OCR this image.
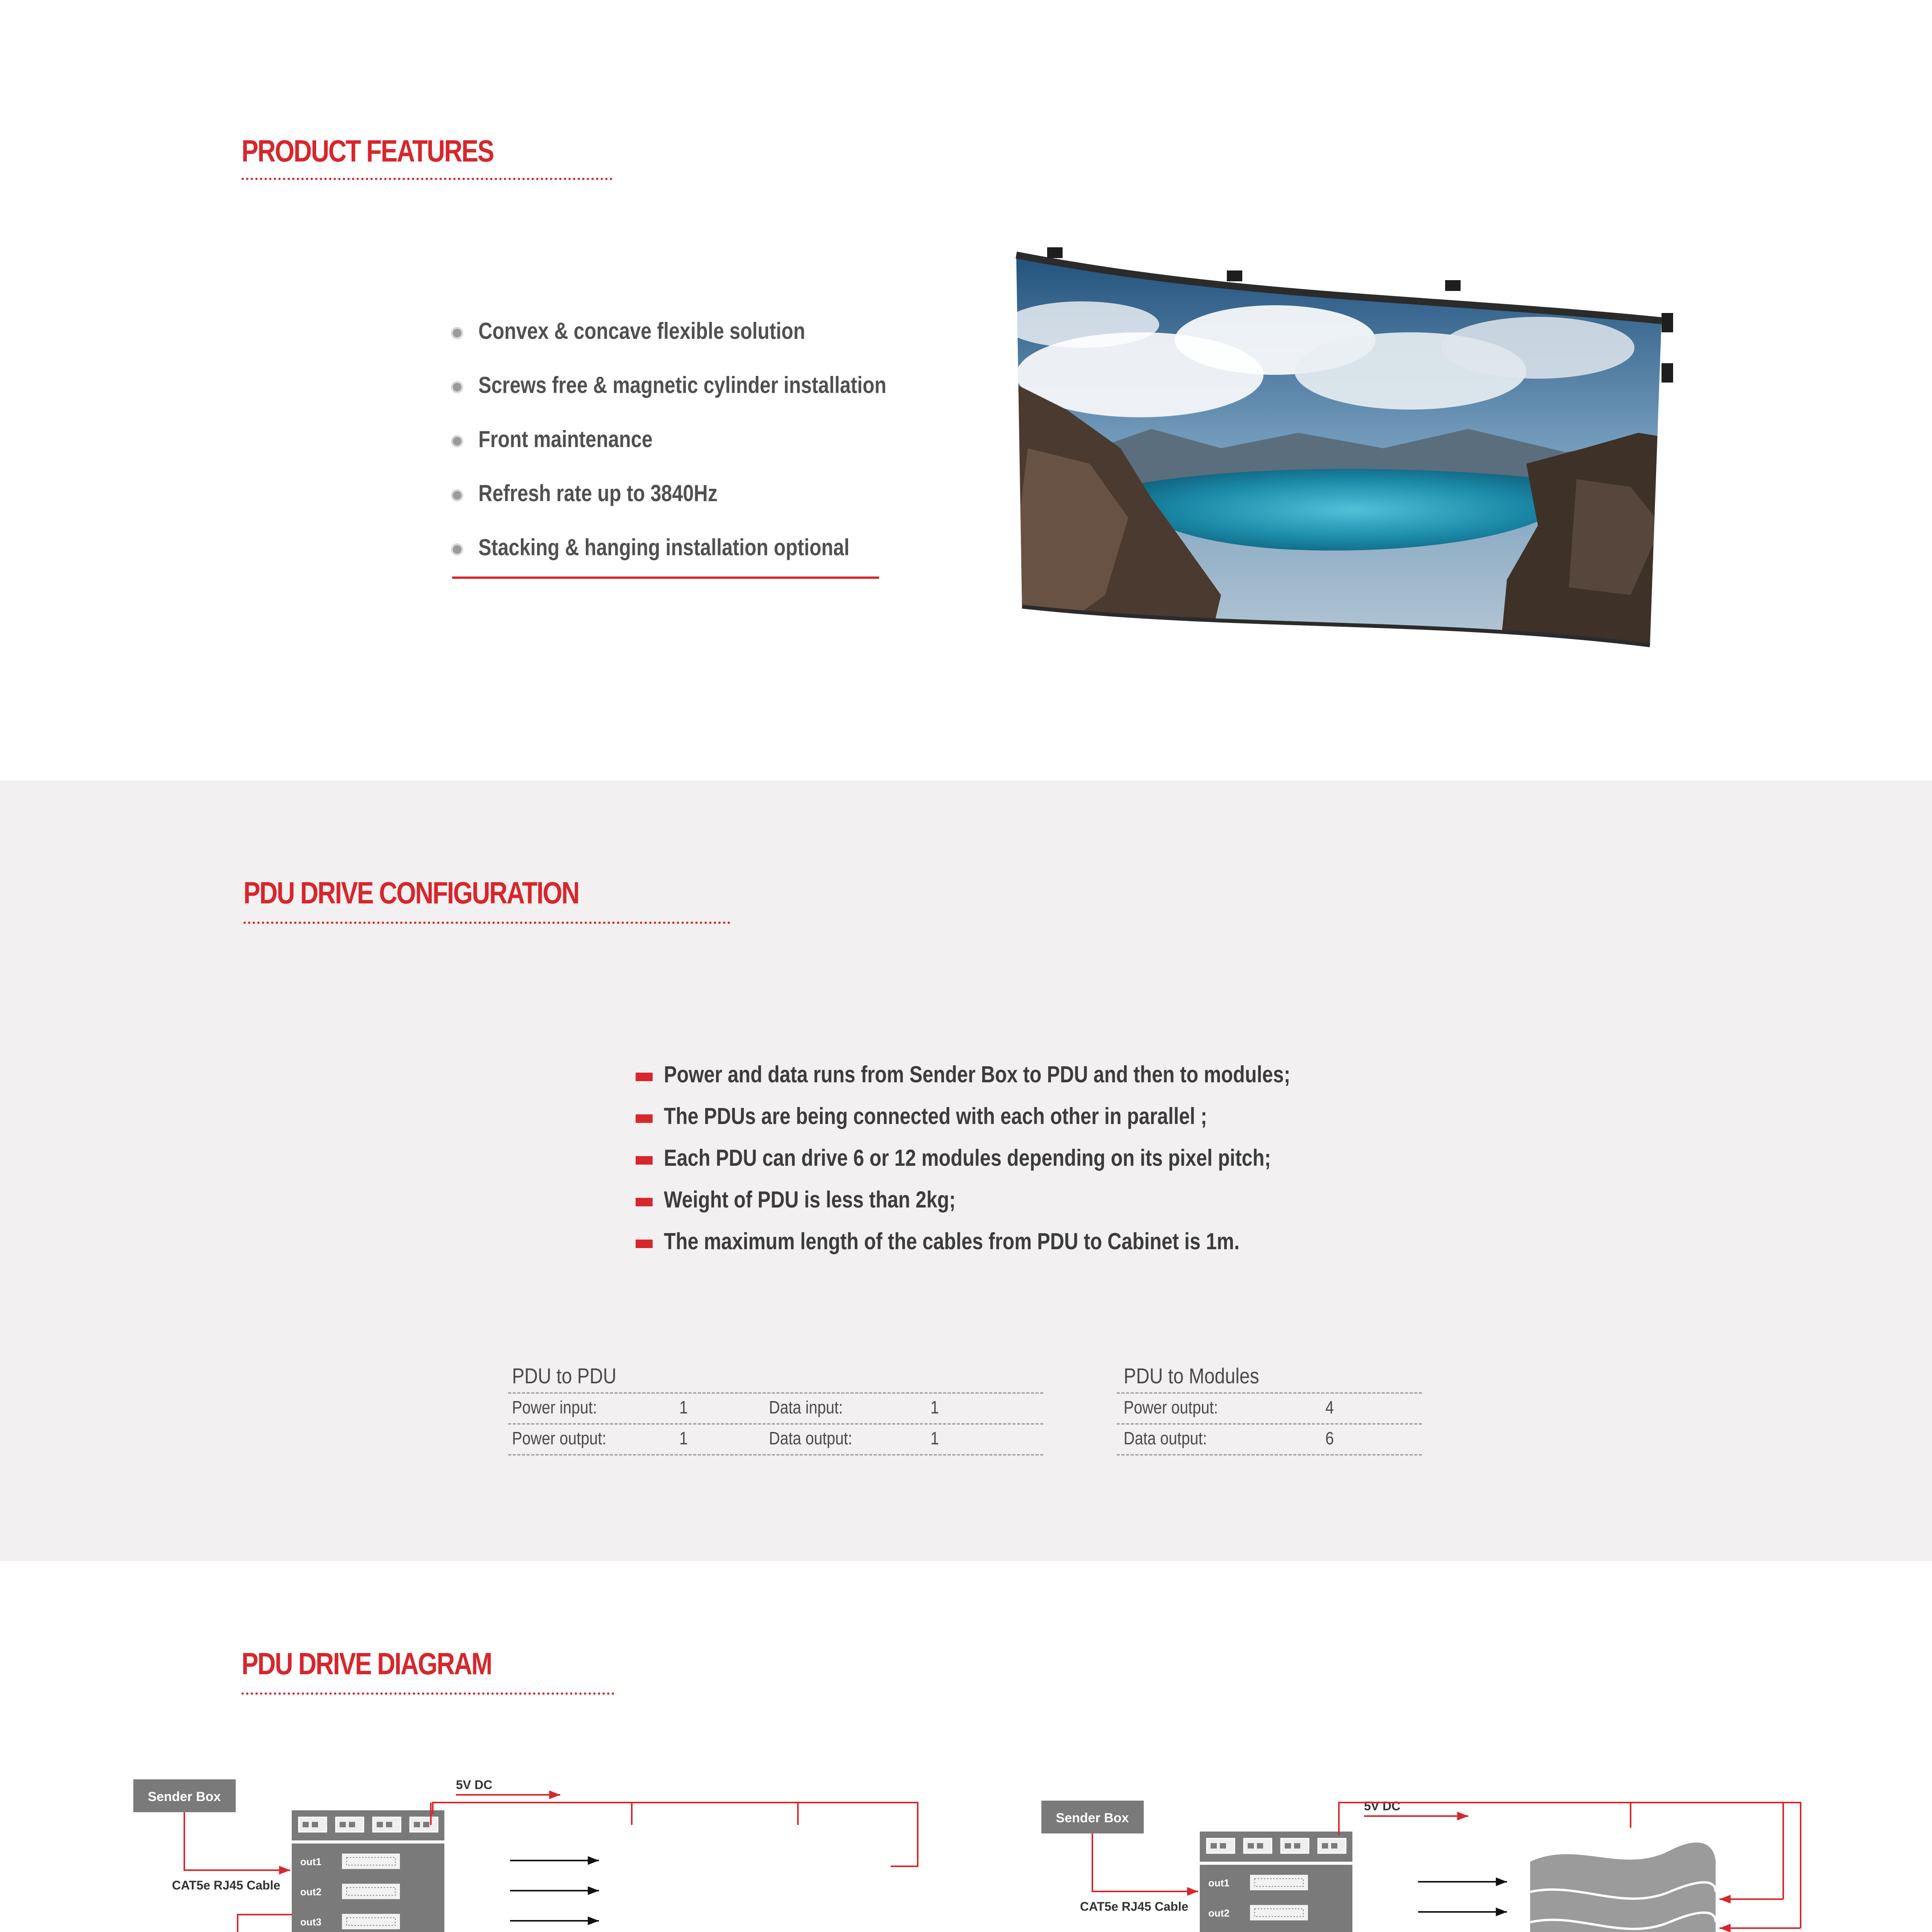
PRODUCT FEATURES
Convex & concave flexible solution
Screws free & magnetic cylinder installation
Front maintenance
Refresh rate up to 3840Hz
Stacking & hanging installation optional
PDU DRIVE CONFIGURATION
Power and data runs from Sender Box to PDU and then to modules;
The PDUs are being connected with each other in parallel ;
Each PDU can drive 6 or 12 modules depending on its pixel pitch;
Weight of PDU is less than 2kg;
The maximum length of the cables from PDU to Cabinet is 1m.
PDU to PDU
Power input:	1	Data input:	1
Power output:	1	Data output:	1
PDU to Modules
Power output:	4
Data output:	6
PDU DRIVE DIAGRAM
Sender Box
out1
out2
out3
CAT5e RJ45 Cable
5V DC
Sender Box
out1
out2
CAT5e RJ45 Cable
5V DC
